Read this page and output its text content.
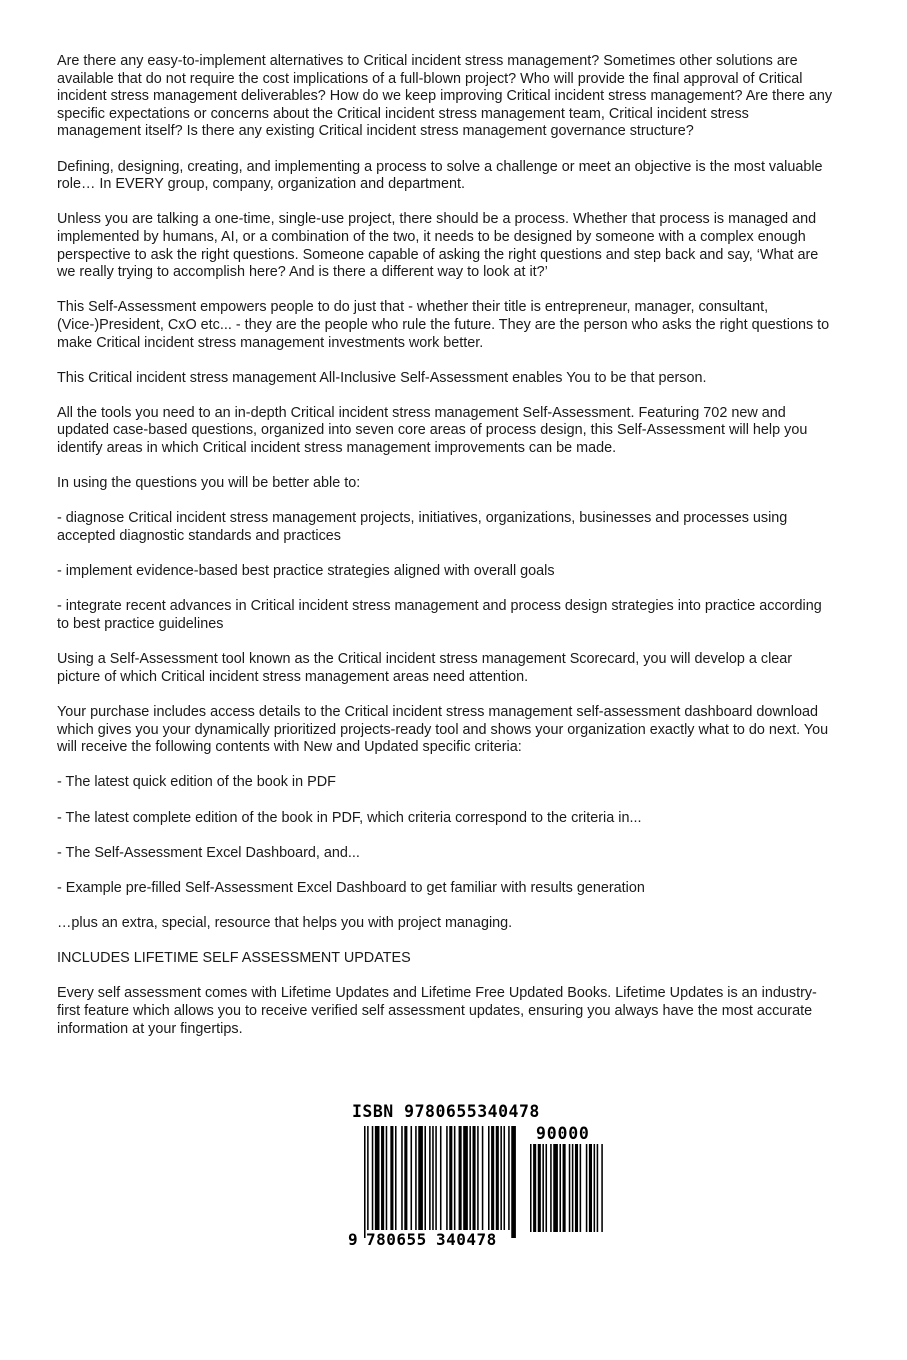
Are there any easy-to-implement alternatives to Critical incident stress management? Sometimes other solutions are available that do not require the cost implications of a full-blown project? Who will provide the final approval of Critical incident stress management deliverables? How do we keep improving Critical incident stress management? Are there any specific expectations or concerns about the Critical incident stress management team, Critical incident stress management itself? Is there any existing Critical incident stress management governance structure?

Defining, designing, creating, and implementing a process to solve a challenge or meet an objective is the most valuable role… In EVERY group, company, organization and department.

Unless you are talking a one-time, single-use project, there should be a process. Whether that process is managed and implemented by humans, AI, or a combination of the two, it needs to be designed by someone with a complex enough perspective to ask the right questions. Someone capable of asking the right questions and step back and say, ‘What are we really trying to accomplish here? And is there a different way to look at it?’

This Self-Assessment empowers people to do just that - whether their title is entrepreneur, manager, consultant, (Vice-)President, CxO etc... - they are the people who rule the future. They are the person who asks the right questions to make Critical incident stress management investments work better.

This Critical incident stress management All-Inclusive Self-Assessment enables You to be that person.

All the tools you need to an in-depth Critical incident stress management Self-Assessment. Featuring 702 new and updated case-based questions, organized into seven core areas of process design, this Self-Assessment will help you identify areas in which Critical incident stress management improvements can be made.

In using the questions you will be better able to:

- diagnose Critical incident stress management projects, initiatives, organizations, businesses and processes using accepted diagnostic standards and practices

- implement evidence-based best practice strategies aligned with overall goals

- integrate recent advances in Critical incident stress management and process design strategies into practice according to best practice guidelines

Using a Self-Assessment tool known as the Critical incident stress management Scorecard, you will develop a clear picture of which Critical incident stress management areas need attention.

Your purchase includes access details to the Critical incident stress management self-assessment dashboard download which gives you your dynamically prioritized projects-ready tool and shows your organization exactly what to do next. You will receive the following contents with New and Updated specific criteria:

- The latest quick edition of the book in PDF

- The latest complete edition of the book in PDF, which criteria correspond to the criteria in...

- The Self-Assessment Excel Dashboard, and...

- Example pre-filled Self-Assessment Excel Dashboard to get familiar with results generation

…plus an extra, special, resource that helps you with project managing.

INCLUDES LIFETIME SELF ASSESSMENT UPDATES

Every self assessment comes with Lifetime Updates and Lifetime Free Updated Books. Lifetime Updates is an industry-first feature which allows you to receive verified self assessment updates, ensuring you always have the most accurate information at your fingertips.

ISBN 9780655340478
90000
9 780655 340478
